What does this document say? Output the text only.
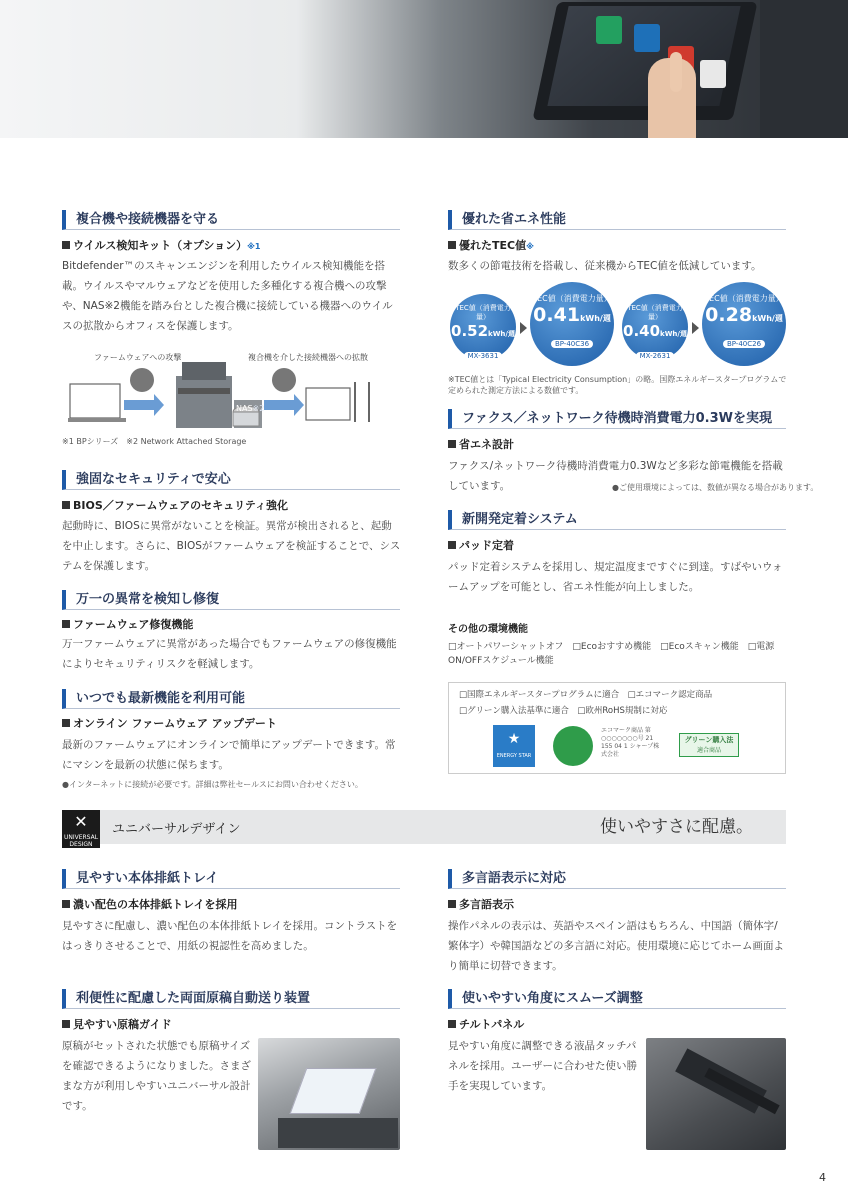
複合機や接続機器を守る
ウイルス検知キット（オプション）※1
Bitdefender™のスキャンエンジンを利用したウイルス検知機能を搭載。ウイルスやマルウェアなどを使用した多種化する複合機への攻撃や、NAS※2機能を踏み台とした複合機に接続している機器へのウイルスの拡散からオフィスを保護します。
ファームウェアへの攻撃	複合機を介した接続機器への拡散
NAS※2
※1 BPシリーズ　※2 Network Attached Storage
強固なセキュリティで安心
BIOS／ファームウェアのセキュリティ強化
起動時に、BIOSに異常がないことを検証。異常が検出されると、起動を中止します。さらに、BIOSがファームウェアを検証することで、システムを保護します。
万一の異常を検知し修復
ファームウェア修復機能
万一ファームウェアに異常があった場合でもファームウェアの修復機能によりセキュリティリスクを軽減します。
いつでも最新機能を利用可能
オンライン ファームウェア アップデート
最新のファームウェアにオンラインで簡単にアップデートできます。常にマシンを最新の状態に保ちます。
●インターネットに接続が必要です。詳細は弊社セールスにお問い合わせください。
優れた省エネ性能
優れたTEC値※
数多くの節電技術を搭載し、従来機からTEC値を低減しています。
TEC値（消費電力量）
0.52kWh/週
MX-3631
TEC値（消費電力量）
0.41kWh/週
BP-40C36
TEC値（消費電力量）
0.40kWh/週
MX-2631
TEC値（消費電力量）
0.28kWh/週
BP-40C26
※TEC値とは「Typical Electricity Consumption」の略。国際エネルギースタープログラムで定められた測定方法による数値です。
ファクス／ネットワーク待機時消費電力0.3Wを実現
省エネ設計
ファクス/ネットワーク待機時消費電力0.3Wなど多彩な節電機能を搭載しています。	●ご使用環境によっては、数値が異なる場合があります。
新開発定着システム
パッド定着
パッド定着システムを採用し、規定温度まですぐに到達。すばやいウォームアップを可能とし、省エネ性能が向上しました。
その他の環境機能
□オートパワーシャットオフ　□Ecoおすすめ機能　□Ecoスキャン機能　□電源ON/OFFスケジュール機能
□国際エネルギースタープログラムに適合　□エコマーク認定商品
□グリーン購入法基準に適合　□欧州RoHS規制に対応
★
ENERGY STAR
エコマーク商品 第○○○○○○○号 21 155 04 1 シャープ株式会社
グリーン購入法
適合商品
✕
UNIVERSAL DESIGN
ユニバーサルデザイン	使いやすさに配慮。
見やすい本体排紙トレイ
濃い配色の本体排紙トレイを採用
見やすさに配慮し、濃い配色の本体排紙トレイを採用。コントラストをはっきりさせることで、用紙の視認性を高めました。
多言語表示に対応
多言語表示
操作パネルの表示は、英語やスペイン語はもちろん、中国語（簡体字/繁体字）や韓国語などの多言語に対応。使用環境に応じてホーム画面より簡単に切替できます。
利便性に配慮した両面原稿自動送り装置
見やすい原稿ガイド
原稿がセットされた状態でも原稿サイズを確認できるようになりました。さまざまな方が利用しやすいユニバーサル設計です。
使いやすい角度にスムーズ調整
チルトパネル
見やすい角度に調整できる液晶タッチパネルを採用。ユーザーに合わせた使い勝手を実現しています。
4
